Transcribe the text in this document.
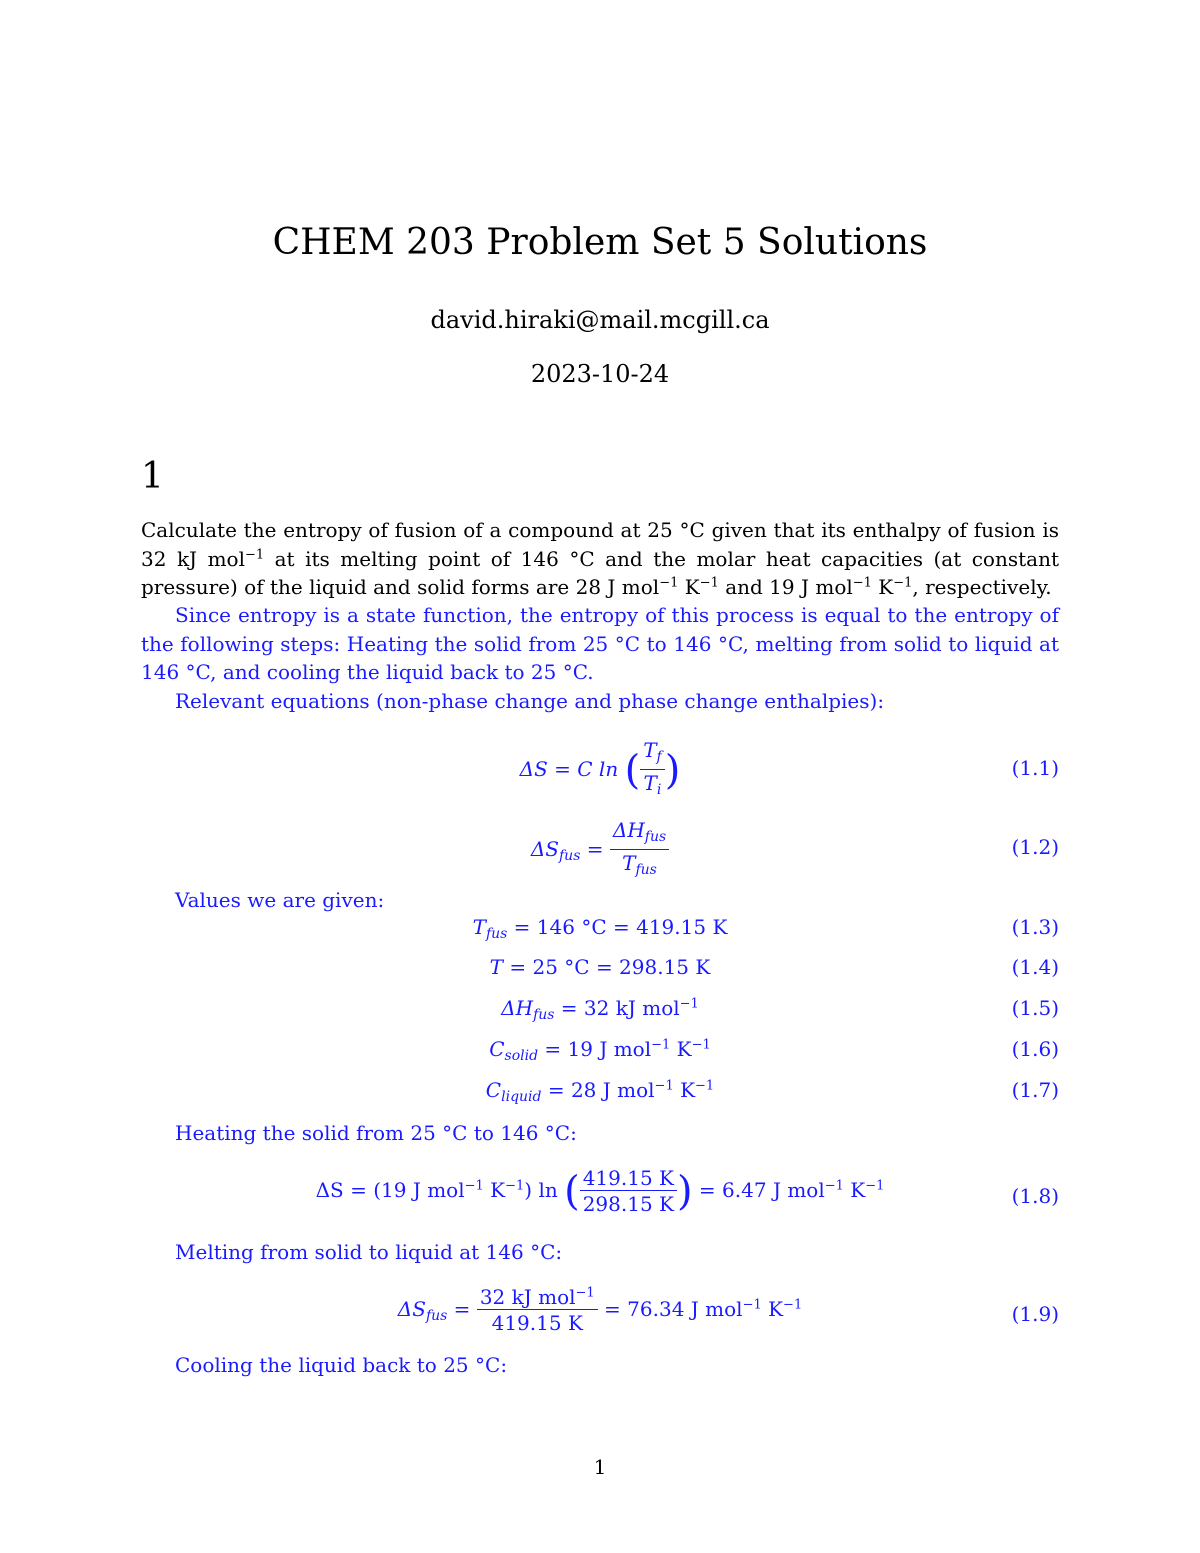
CHEM 203 Problem Set 5 Solutions
david.hiraki@mail.mcgill.ca
2023-10-24
1
Calculate the entropy of fusion of a compound at 25 °C given that its enthalpy of fusion is 32 kJ mol$^{-1}$ at its melting point of 146 °C and the molar heat capacities (at constant pressure) of the liquid and solid forms are 28 J mol$^{-1}$ $K^{-1}$ and 19 J mol$^{-1}$ $K^{-1}$, respectively.
Since entropy is a state function, the entropy of this process is equal to the entropy of the following steps: Heating the solid from 25 °C to 146 °C, melting from solid to liquid at 146 °C, and cooling the liquid back to 25 °C.
Relevant equations (non-phase change and phase change enthalpies):
ΔS = C ln ( $\frac{T_f}{T_i}$ )	(1.1)
$\Delta S_{fus} = \frac{\Delta H_{fus}}{T_{fus}}$	(1.2)
Values we are given:
$T_{fus} = 146$ °C = 419.15 K	(1.3)
T = 25 °C = 298.15 K	(1.4)
$\Delta H_{fus} = 32$ kJ mol$^{-1}$	(1.5)
$C_{solid} = 19$ J mol$^{-1}$ $K^{-1}$	(1.6)
$C_{liquid} = 28$ J mol$^{-1}$ $K^{-1}$	(1.7)
Heating the solid from 25 °C to 146 °C:
ΔS = (19 J mol$^{-1}$ $K^{-1}$) ln ( $\frac{419.15 K}{298.15 K}$ ) = 6.47 J mol$^{-1}$ $K^{-1}$	(1.8)
Melting from solid to liquid at 146 °C:
$\Delta S_{fus} = \frac{32 kJ mol^{-1}}{419.15 K} = 76.34$ J mol$^{-1}$ $K^{-1}$	(1.9)
Cooling the liquid back to 25 °C:
1
